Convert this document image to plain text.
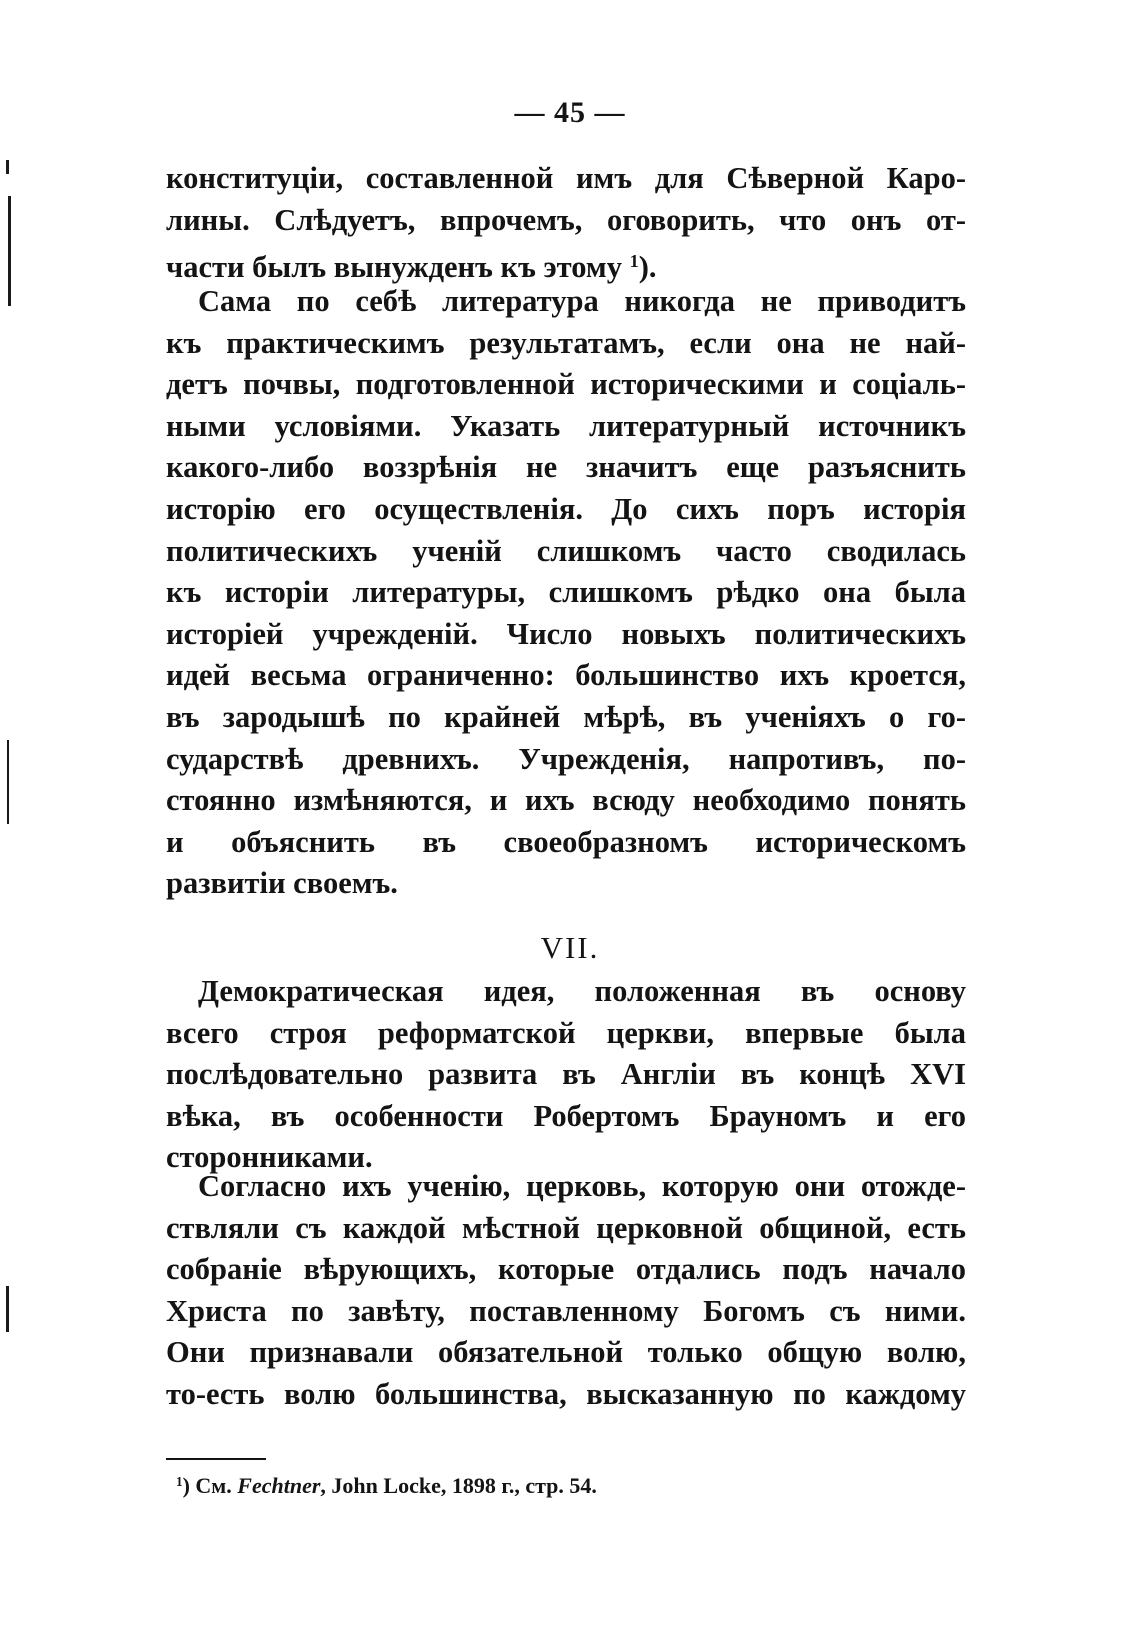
— 45 —
конституціи, составленной имъ для Сѣверной Каро-
лины. Слѣдуетъ, впрочемъ, оговорить, что онъ от-
части былъ вынужденъ къ этому $^1$).
Сама по себѣ литература никогда не приводитъ
къ практическимъ результатамъ, если она не най-
детъ почвы, подготовленной историческими и соціаль-
ными условіями. Указать литературный источникъ
какого-либо воззрѣнія не значитъ еще разъяснить
исторію его осуществленія. До сихъ поръ исторія
политическихъ ученій слишкомъ часто сводилась
къ исторіи литературы, слишкомъ рѣдко она была
исторіей учрежденій. Число новыхъ политическихъ
идей весьма ограниченно: большинство ихъ кроется,
въ зародышѣ по крайней мѣрѣ, въ ученіяхъ о го-
сударствѣ древнихъ. Учрежденія, напротивъ, по-
стоянно измѣняются, и ихъ всюду необходимо понять
и объяснить въ своеобразномъ историческомъ
развитіи своемъ.
VII.
Демократическая идея, положенная въ основу
всего строя реформатской церкви, впервые была
послѣдовательно развита въ Англіи въ концѣ XVI
вѣка, въ особенности Робертомъ Брауномъ и его
сторонниками.
Согласно ихъ ученію, церковь, которую они отожде-
ствляли съ каждой мѣстной церковной общиной, есть
собраніе вѣрующихъ, которые отдались подъ начало
Христа по завѣту, поставленному Богомъ съ ними.
Они признавали обязательной только общую волю,
то-есть волю большинства, высказанную по каждому
$^1$) См. Fechtner, John Locke, 1898 г., стр. 54.
